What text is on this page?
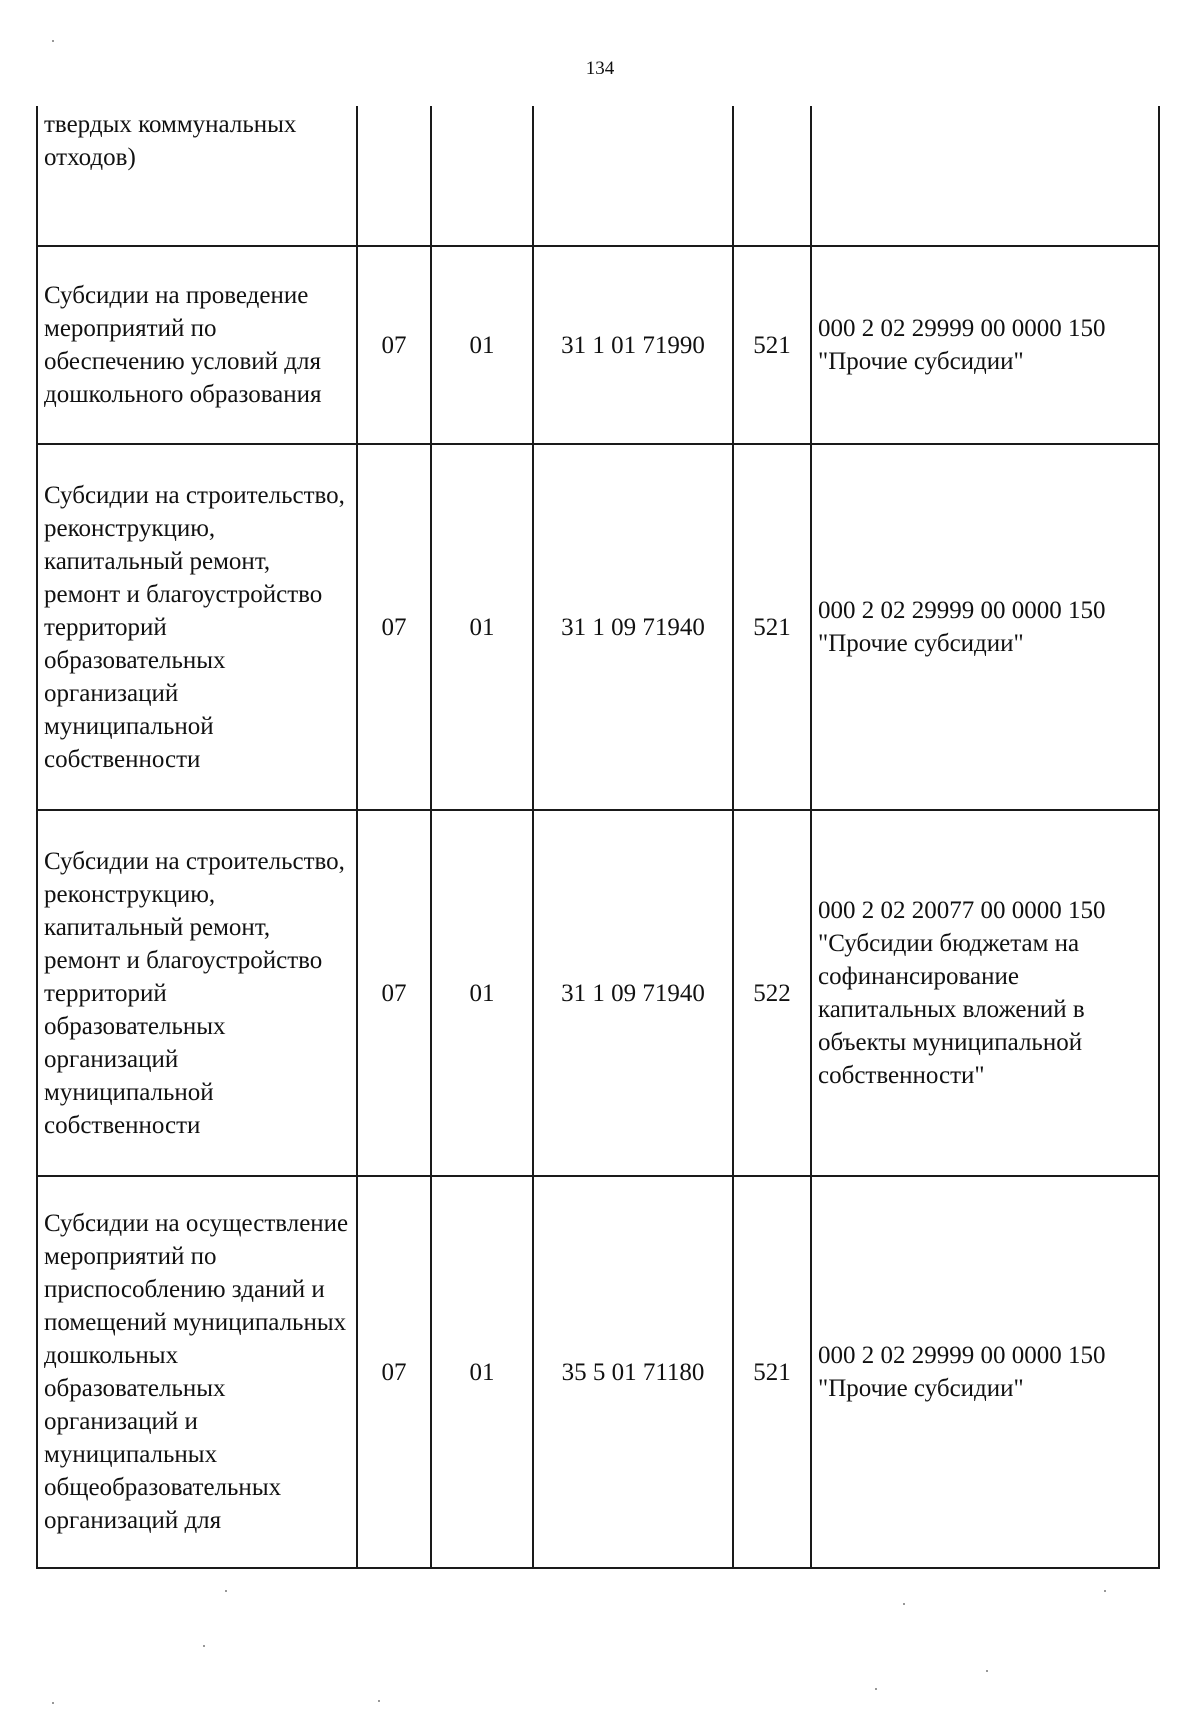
134
твердых коммунальных отходов)					
Субсидии на проведение мероприятий по обеспечению условий для дошкольного образования	07	01	31 1 01 71990	521	000 2 02 29999 00 0000 150 "Прочие субсидии"
Субсидии на строительство, реконструкцию, капитальный ремонт, ремонт и благоустройство территорий образовательных организаций муниципальной собственности	07	01	31 1 09 71940	521	000 2 02 29999 00 0000 150 "Прочие субсидии"
Субсидии на строительство, реконструкцию, капитальный ремонт, ремонт и благоустройство территорий образовательных организаций муниципальной собственности	07	01	31 1 09 71940	522	000 2 02 20077 00 0000 150 "Субсидии бюджетам на софинансирование капитальных вложений в объекты муниципальной собственности"
Субсидии на осуществление мероприятий по приспособлению зданий и помещений муниципальных дошкольных образовательных организаций и муниципальных общеобразовательных организаций для	07	01	35 5 01 71180	521	000 2 02 29999 00 0000 150 "Прочие субсидии"
